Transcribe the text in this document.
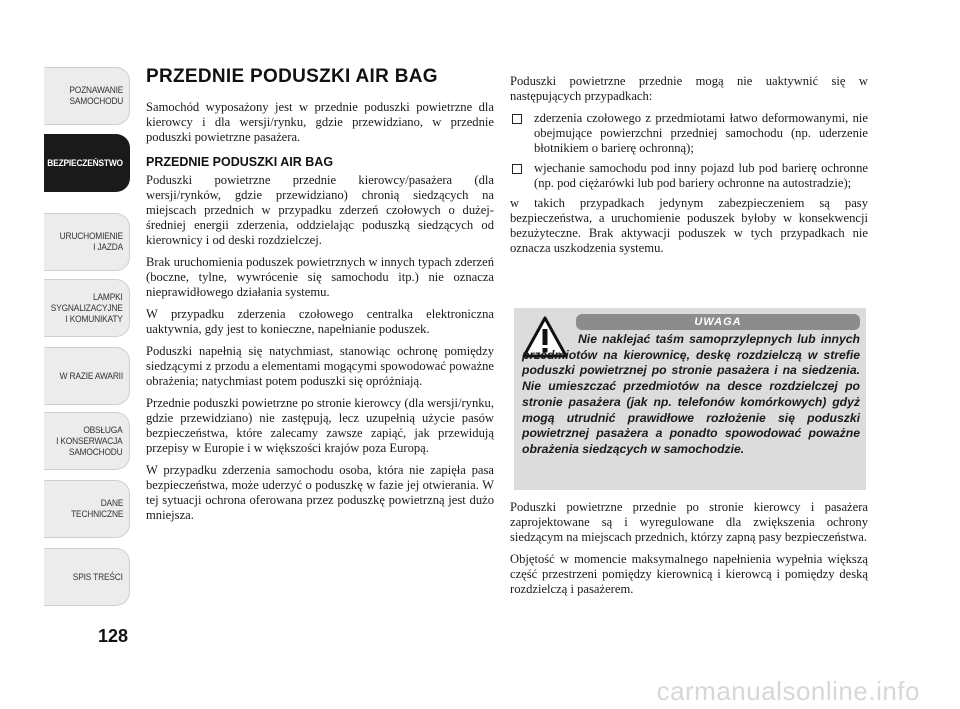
POZNAWANIE
SAMOCHODU
BEZPIECZEŃSTWO
URUCHOMIENIE
I JAZDA
LAMPKI
SYGNALIZACYJNE
I KOMUNIKATY
W RAZIE AWARII
OBSŁUGA
I KONSERWACJA
SAMOCHODU
DANE
TECHNICZNE
SPIS TREŚCI
128
PRZEDNIE PODUSZKI AIR BAG

Samochód wyposażony jest w przednie poduszki powietrzne dla kierowcy i dla wersji/rynku, gdzie przewidziano, w przednie poduszki powietrzne pasażera.

PRZEDNIE PODUSZKI AIR BAG

Poduszki powietrzne przednie kierowcy/pasażera (dla wersji/rynków, gdzie przewidziano) chronią siedzących na miejscach przednich w przypadku zderzeń czołowych o dużej-średniej energii zderzenia, oddzielając poduszką siedzących od kierownicy i od deski rozdzielczej.

Brak uruchomienia poduszek powietrznych w innych typach zderzeń (boczne, tylne, wywrócenie się samochodu itp.) nie oznacza nieprawidłowego działania systemu.

W przypadku zderzenia czołowego centralka elektroniczna uaktywnia, gdy jest to konieczne, napełnianie poduszek.

Poduszki napełnią się natychmiast, stanowiąc ochronę pomiędzy siedzącymi z przodu a elementami mogącymi spowodować poważne obrażenia; natychmiast potem poduszki się opróżniają.

Przednie poduszki powietrzne po stronie kierowcy (dla wersji/rynku, gdzie przewidziano) nie zastępują, lecz uzupełnią użycie pasów bezpieczeństwa, które zalecamy zawsze zapiąć, jak przewidują przepisy w Europie i w większości krajów poza Europą.

W przypadku zderzenia samochodu osoba, która nie zapięła pasa bezpieczeństwa, może uderzyć o poduszkę w fazie jej otwierania. W tej sytuacji ochrona oferowana przez poduszkę powietrzną jest dużo mniejsza.

Poduszki powietrzne przednie mogą nie uaktywnić się w następujących przypadkach:

zderzenia czołowego z przedmiotami łatwo deformowanymi, nie obejmujące powierzchni przedniej samochodu (np. uderzenie błotnikiem o barierę ochronną);
wjechanie samochodu pod inny pojazd lub pod barierę ochronne (np. pod ciężarówki lub pod bariery ochronne na autostradzie);

w takich przypadkach jedynym zabezpieczeniem są pasy bezpieczeństwa, a uruchomienie poduszek byłoby w konsekwencji bezużyteczne. Brak aktywacji poduszek w tych przypadkach nie oznacza uszkodzenia systemu.

UWAGA
Nie naklejać taśm samoprzylepnych lub innych przedmiotów na kierownicę, deskę rozdzielczą w strefie poduszki powietrznej po stronie pasażera i na siedzenia. Nie umieszczać przedmiotów na desce rozdzielczej po stronie pasażera (jak np. telefonów komórkowych) gdyż mogą utrudnić prawidłowe rozłożenie się poduszki powietrznej pasażera a ponadto spowodować poważne obrażenia siedzących w samochodzie.

Poduszki powietrzne przednie po stronie kierowcy i pasażera zaprojektowane są i wyregulowane dla zwiększenia ochrony siedzącym na miejscach przednich, którzy zapną pasy bezpieczeństwa.

Objętość w momencie maksymalnego napełnienia wypełnia większą część przestrzeni pomiędzy kierownicą i kierowcą i pomiędzy deską rozdzielczą i pasażerem.

carmanualsonline.info
